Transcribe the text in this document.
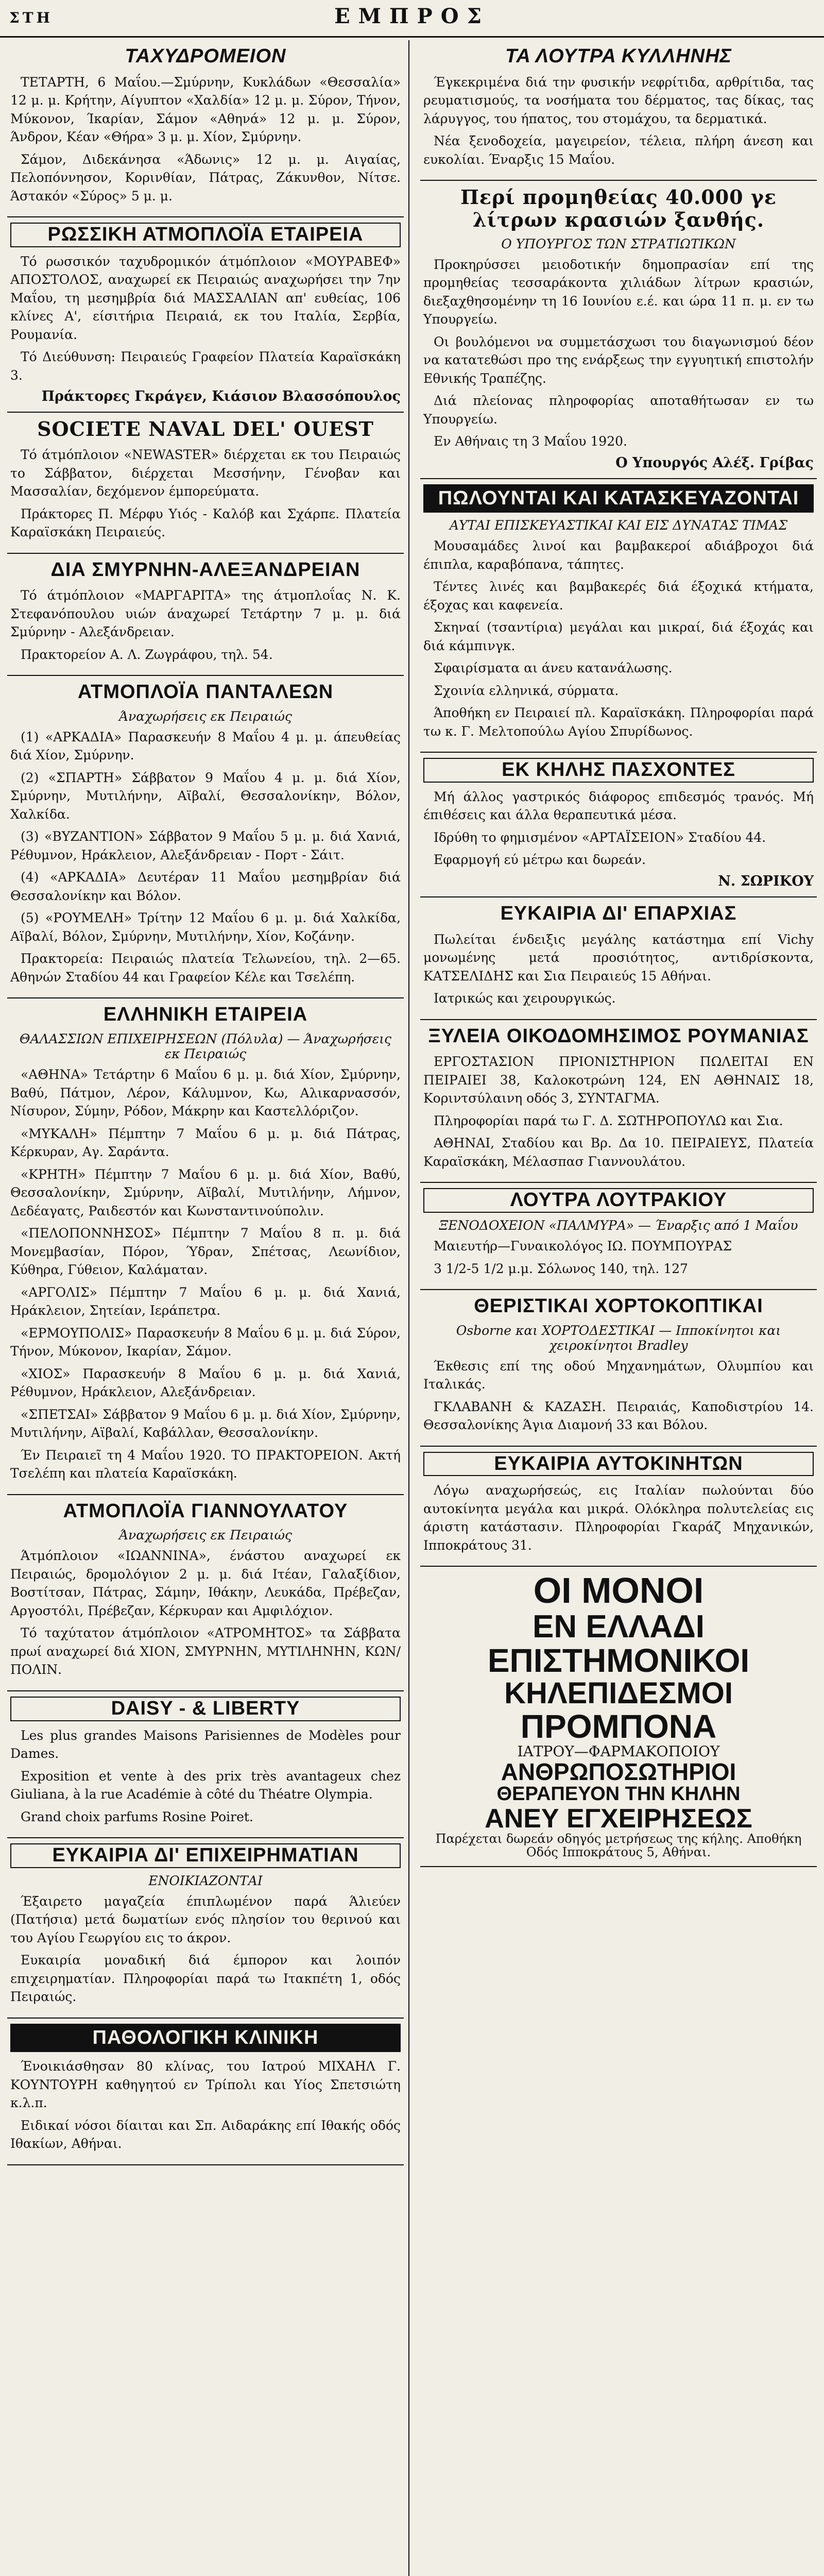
ΣΤΗ	ΕΜΠΡΟΣ
ΤΑΧΥΔΡΟΜΕΙΟΝ

ΤΕΤΑΡΤΗ, 6 Μαΐου.—Σμύρνην, Κυκλάδων «Θεσσαλία» 12 μ. μ. Κρήτην, Αίγυπτον «Χαλδία» 12 μ. μ. Σύρον, Τήνον, Μύκονον, Ίκαρίαν, Σάμον «Αθηνά» 12 μ. μ. Σύρον, Άνδρον, Κέαν «Θήρα» 3 μ. μ. Χίον, Σμύρνην.

Σάμον, Διδεκάνησα «Άδωνις» 12 μ. μ. Αιγαίας, Πελοπόννησον, Κορινθίαν, Πάτρας, Ζάκυνθον, Νίτσε. Άστακόν «Σύρος» 5 μ. μ.

ΡΩΣΣΙΚΗ ΑΤΜΟΠΛΟΪΑ ΕΤΑΙΡΕΙΑ

Τό ρωσσικόν ταχυδρομικόν άτμόπλοιον «ΜΟΥΡΑΒΕΦ» ΑΠΟΣΤΟΛΟΣ, αναχωρεί εκ Πειραιώς αναχωρήσει την 7ην Μαΐου, τη μεσημβρία διά ΜΑΣΣΑΛΙΑΝ απ' ευθείας, 106 κλίνες Α', είσιτήρια Πειραιά, εκ του Ιταλία, Σερβία, Ρουμανία.

Τό Διεύθυνση: Πειραιεύς Γραφείον Πλατεία Καραϊσκάκη 3.

Πράκτορες Γκράγεν, Κιάσιον Βλασσόπουλος
SOCIETE NAVAL DEL' OUEST

Τό άτμόπλοιον «NEWASTER» διέρχεται εκ του Πειραιώς το Σάββατον, διέρχεται Μεσσήνην, Γένοβαν και Μασσαλίαν, δεχόμενον έμπορεύματα.

Πράκτορες Π. Μέρφυ Υιός - Καλόβ και Σχάρπε. Πλατεία Καραϊσκάκη Πειραιεύς.

ΔΙΑ ΣΜΥΡΝΗΝ-ΑΛΕΞΑΝΔΡΕΙΑΝ

Τό άτμόπλοιον «ΜΑΡΓΑΡΙΤΑ» της άτμοπλοΐας Ν. Κ. Στεφανόπουλου υιών άναχωρεί Τετάρτην 7 μ. μ. διά Σμύρνην - Αλεξάνδρειαν.

Πρακτορείον Α. Λ. Ζωγράφου, τηλ. 54.

ΑΤΜΟΠΛΟΪΑ ΠΑΝΤΑΛΕΩΝ
Άναχωρήσεις εκ Πειραιώς

(1) «ΑΡΚΑΔΙΑ» Παρασκευήν 8 Μαΐου 4 μ. μ. άπευθείας διά Χίον, Σμύρνην.

(2) «ΣΠΑΡΤΗ» Σάββατον 9 Μαΐου 4 μ. μ. διά Χίον, Σμύρνην, Μυτιλήνην, Αϊβαλί, Θεσσαλονίκην, Βόλον, Χαλκίδα.

(3) «ΒΥΖΑΝΤΙΟΝ» Σάββατον 9 Μαΐου 5 μ. μ. διά Χανιά, Ρέθυμνον, Ηράκλειον, Αλεξάνδρειαν - Πορτ - Σάιτ.

(4) «ΑΡΚΑΔΙΑ» Δευτέραν 11 Μαΐου μεσημβρίαν διά Θεσσαλονίκην και Βόλον.

(5) «ΡΟΥΜΕΛΗ» Τρίτην 12 Μαΐου 6 μ. μ. διά Χαλκίδα, Αϊβαλί, Βόλον, Σμύρνην, Μυτιλήνην, Χίον, Κοζάνην.

Πρακτορεία: Πειραιώς πλατεία Τελωνείου, τηλ. 2—65. Αθηνών Σταδίου 44 και Γραφείον Κέλε και Τσελέπη.

ΕΛΛΗΝΙΚΗ ΕΤΑΙΡΕΙΑ
ΘΑΛΑΣΣΙΩΝ ΕΠΙΧΕΙΡΗΣΕΩΝ (Πόλυλα) — Άναχωρήσεις εκ Πειραιώς

«ΑΘΗΝΑ» Τετάρτην 6 Μαΐου 6 μ. μ. διά Χίον, Σμύρνην, Βαθύ, Πάτμον, Λέρον, Κάλυμνον, Κω, Αλικαρνασσόν, Νίσυρον, Σύμην, Ρόδον, Μάκρην και Καστελλόριζον.

«ΜΥΚΑΛΗ» Πέμπτην 7 Μαΐου 6 μ. μ. διά Πάτρας, Κέρκυραν, Αγ. Σαράντα.

«ΚΡΗΤΗ» Πέμπτην 7 Μαΐου 6 μ. μ. διά Χίον, Βαθύ, Θεσσαλονίκην, Σμύρνην, Αϊβαλί, Μυτιλήνην, Λήμνον, Δεδέαγατς, Ραιδεστόν και Κωνσταντινούπολιν.

«ΠΕΛΟΠΟΝΝΗΣΟΣ» Πέμπτην 7 Μαΐου 8 π. μ. διά Μονεμβασίαν, Πόρον, Ύδραν, Σπέτσας, Λεωνίδιον, Κύθηρα, Γύθειον, Καλάματαν.

«ΑΡΓΟΛΙΣ» Πέμπτην 7 Μαΐου 6 μ. μ. διά Χανιά, Ηράκλειον, Σητείαν, Ιεράπετρα.

«ΕΡΜΟΥΠΟΛΙΣ» Παρασκευήν 8 Μαΐου 6 μ. μ. διά Σύρον, Τήνον, Μύκονον, Ικαρίαν, Σάμον.

«ΧΙΟΣ» Παρασκευήν 8 Μαΐου 6 μ. μ. διά Χανιά, Ρέθυμνον, Ηράκλειον, Αλεξάνδρειαν.

«ΣΠΕΤΣΑΙ» Σάββατον 9 Μαΐου 6 μ. μ. διά Χίον, Σμύρνην, Μυτιλήνην, Αϊβαλί, Καβάλλαν, Θεσσαλονίκην.

Έν Πειραιεῖ τη 4 Μαΐου 1920. ΤΟ ΠΡΑΚΤΟΡΕΙΟΝ. Ακτή Τσελέπη και πλατεία Καραϊσκάκη.

ΑΤΜΟΠΛΟΪΑ ΓΙΑΝΝΟΥΛΑΤΟΥ
Άναχωρήσεις εκ Πειραιώς

Άτμόπλοιον «ΙΩΑΝΝΙΝΑ», ένάστου αναχωρεί εκ Πειραιώς, δρομολόγιον 2 μ. μ. διά Ιτέαν, Γαλαξίδιον, Βοστίτσαν, Πάτρας, Σάμην, Ιθάκην, Λευκάδα, Πρέβεζαν, Αργοστόλι, Πρέβεζαν, Κέρκυραν και Αμφιλόχιον.

Τό ταχύτατον άτμόπλοιον «ΑΤΡΟΜΗΤΟΣ» τα Σάββατα πρωί αναχωρεί διά ΧΙΟΝ, ΣΜΥΡΝΗΝ, ΜΥΤΙΛΗΝΗΝ, ΚΩΝ/ΠΟΛΙΝ.

DAISY - & LIBERTY

Les plus grandes Maisons Parisiennes de Modèles pour Dames.

Exposition et vente à des prix très avantageux chez Giuliana, à la rue Académie à côté du Théatre Olympia.

Grand choix parfums Rosine Poiret.

ΕΥΚΑΙΡΙΑ ΔΙ' ΕΠΙΧΕΙΡΗΜΑΤΙΑΝ
ΕΝΟΙΚΙΑΖΟΝΤΑΙ

Έξαιρετο μαγαζεία έπιπλωμένον παρά Άλιεύεν (Πατήσια) μετά δωματίων ενός πλησίον του θερινού και του Αγίου Γεωργίου εις το άκρον.

Ευκαιρία μοναδική διά έμπορον και λοιπόν επιχειρηματίαν. Πληροφορίαι παρά τω Ιτακπέτη 1, οδός Πειραιώς.

ΠΑΘΟΛΟΓΙΚΗ ΚΛΙΝΙΚΗ

Ένοικιάσθησαν 80 κλίνας, του Ιατρού ΜΙΧΑΗΛ Γ. ΚΟΥΝΤΟΥΡΗ καθηγητού εν Τρίπολι και Υίος Σπετσιώτη κ.λ.π.

Ειδικαί νόσοι δίαιται και Σπ. Αιδαράκης επί Ιθακής οδός Ιθακίων, Αθήναι.

ΤΑ ΛΟΥΤΡΑ ΚΥΛΛΗΝΗΣ

Έγκεκριμένα διά την φυσικήν νεφρίτιδα, αρθρίτιδα, τας ρευματισμούς, τα νοσήματα του δέρματος, τας δίκας, τας λάρυγγος, του ήπατος, του στομάχου, τα δερματικά.

Νέα ξενοδοχεία, μαγειρείον, τέλεια, πλήρη άνεση και ευκολίαι. Έναρξις 15 Μαΐου.

Περί προμηθείας 40.000 γε λίτρων κρασιών ξανθής.
Ο ΥΠΟΥΡΓΟΣ ΤΩΝ ΣΤΡΑΤΙΩΤΙΚΩΝ

Προκηρύσσει μειοδοτικήν δημοπρασίαν επί της προμηθείας τεσσαράκοντα χιλιάδων λίτρων κρασιών, διεξαχθησομένην τη 16 Ιουνίου ε.έ. και ώρα 11 π. μ. εν τω Υπουργείω.

Οι βουλόμενοι να συμμετάσχωσι του διαγωνισμού δέον να κατατεθώσι προ της ενάρξεως την εγγυητική επιστολήν Εθνικής Τραπέζης.

Διά πλείονας πληροφορίας αποταθήτωσαν εν τω Υπουργείω.

Εν Αθήναις τη 3 Μαΐου 1920.

Ο Υπουργός Αλέξ. Γρίβας
ΠΩΛΟΥΝΤΑΙ ΚΑΙ ΚΑΤΑΣΚΕΥΑΖΟΝΤΑΙ
ΑΥΤΑΙ ΕΠΙΣΚΕΥΑΣΤΙΚΑΙ ΚΑΙ ΕΙΣ ΔΥΝΑΤΑΣ ΤΙΜΑΣ

Μουσαμάδες λινοί και βαμβακεροί αδιάβροχοι διά έπιπλα, καραβόπανα, τάπητες.

Τέντες λινές και βαμβακερές διά έξοχικά κτήματα, έξοχας και καφενεία.

Σκηναί (τσαντίρια) μεγάλαι και μικραί, διά έξοχάς και διά κάμπινγκ.

Σφαιρίσματα αι άνευ κατανάλωσης.

Σχοινία ελληνικά, σύρματα.

Άποθήκη εν Πειραιεί πλ. Καραϊσκάκη. Πληροφορίαι παρά τω κ. Γ. Μελτοπούλω Αγίου Σπυρίδωνος.

ΕΚ ΚΗΛΗΣ ΠΑΣΧΟΝΤΕΣ

Μή άλλος γαστρικός διάφορος επιδεσμός τρανός. Μή έπιθέσεις και άλλα θεραπευτικά μέσα.

Ιδρύθη το φημισμένον «ΑΡΤΑΪΣΕΙΟΝ» Σταδίου 44.

Εφαρμογή εύ μέτρω και δωρεάν.

Ν. ΣΩΡΙΚΟΥ
ΕΥΚΑΙΡΙΑ ΔΙ' ΕΠΑΡΧΙΑΣ

Πωλείται ένδειξις μεγάλης κατάστημα επί Vichy μονωμένης μετά προσιότητος, αντιδρίσκοντα, ΚΑΤΣΕΛΙΔΗΣ και Σια Πειραιεύς 15 Αθήναι.

Ιατρικώς και χειρουργικώς.

ΞΥΛΕΙΑ ΟΙΚΟΔΟΜΗΣΙΜΟΣ ΡΟΥΜΑΝΙΑΣ

ΕΡΓΟΣΤΑΣΙΟΝ ΠΡΙΟΝΙΣΤΗΡΙΟΝ ΠΩΛΕΙΤΑΙ ΕΝ ΠΕΙΡΑΙΕΙ 38, Καλοκοτρώνη 124, ΕΝ ΑΘΗΝΑΙΣ 18, Κοριντσύλαινη οδός 3, ΣΥΝΤΑΓΜΑ.

Πληροφορίαι παρά τω Γ. Δ. ΣΩΤΗΡΟΠΟΥΛΩ και Σια.

ΑΘΗΝΑΙ, Σταδίου και Βρ. Δα 10. ΠΕΙΡΑΙΕΥΣ, Πλατεία Καραϊσκάκη, Μέλασπασ Γιαννουλάτου.

ΛΟΥΤΡΑ ΛΟΥΤΡΑΚΙΟΥ
ΞΕΝΟΔΟΧΕΙΟΝ «ΠΑΛΜΥΡΑ» — Έναρξις από 1 Μαΐου

Μαιευτήρ—Γυναικολόγος ΙΩ. ΠΟΥΜΠΟΥΡΑΣ

3 1/2-5 1/2 μ.μ. Σόλωνος 140, τηλ. 127

ΘΕΡΙΣΤΙΚΑΙ ΧΟΡΤΟΚΟΠΤΙΚΑΙ
Osborne και ΧΟΡΤΟΔΕΣΤΙΚΑΙ — Ιπποκίνητοι και χειροκίνητοι Bradley

Έκθεσις επί της οδού Μηχανημάτων, Ολυμπίου και Ιταλικάς.

ΓΚΛΑΒΑΝΗ & ΚΑΖΑΣΗ. Πειραιάς, Καποδιστρίου 14. Θεσσαλονίκης Άγια Διαμονή 33 και Βόλου.

ΕΥΚΑΙΡΙΑ ΑΥΤΟΚΙΝΗΤΩΝ

Λόγω αναχωρήσεώς, εις Ιταλίαν πωλούνται δύο αυτοκίνητα μεγάλα και μικρά. Ολόκληρα πολυτελείας εις άριστη κατάστασιν. Πληροφορίαι Γκαράζ Μηχανικών, Ιπποκράτους 31.

ΟΙ ΜΟΝΟΙ
ΕΝ ΕΛΛΑΔΙ
ΕΠΙΣΤΗΜΟΝΙΚΟΙ
ΚΗΛΕΠΙΔΕΣΜΟΙ
ΠΡΟΜΠΟΝΑ
ΙΑΤΡΟΥ—ΦΑΡΜΑΚΟΠΟΙΟΥ
ΑΝΘΡΩΠΟΣΩΤΗΡΙΟΙ
ΘΕΡΑΠΕΥΟΝ ΤΗΝ ΚΗΛΗΝ
ΑΝΕΥ ΕΓΧΕΙΡΗΣΕΩΣ
Παρέχεται δωρεάν οδηγός μετρήσεως της κήλης. Αποθήκη Οδός Ιπποκράτους 5, Αθήναι.
